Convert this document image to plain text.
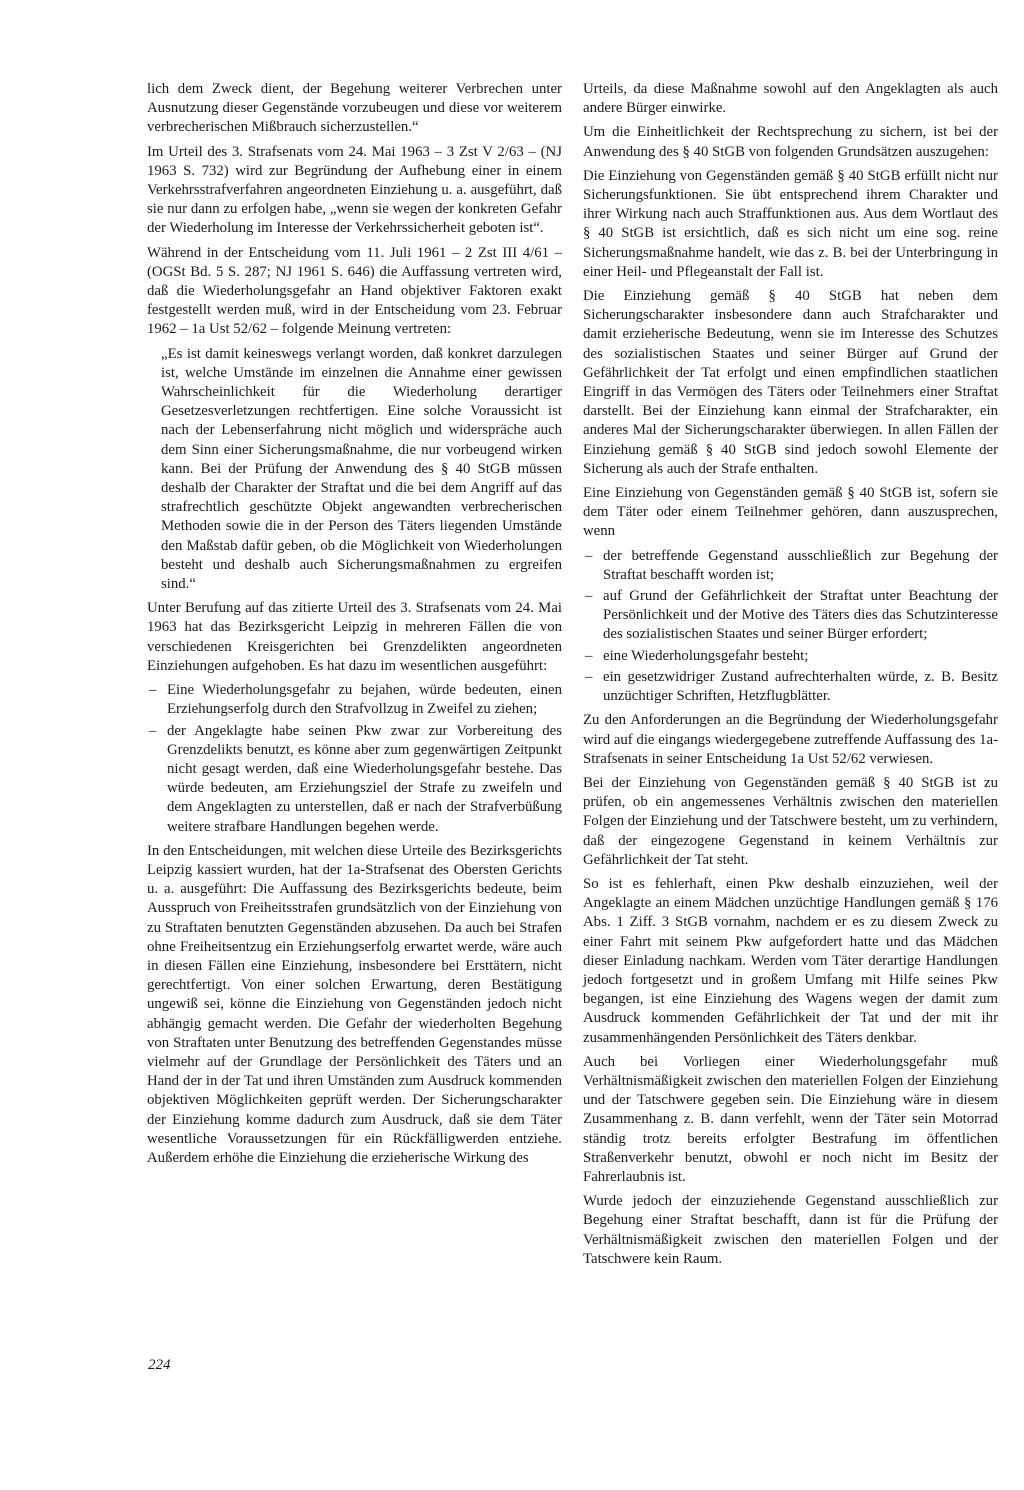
lich dem Zweck dient, der Begehung weiterer Verbrechen unter Ausnutzung dieser Gegenstände vorzubeugen und diese vor weiterem verbrecherischen Mißbrauch sicherzustellen.“

Im Urteil des 3. Strafsenats vom 24. Mai 1963 – 3 Zst V 2/63 – (NJ 1963 S. 732) wird zur Begründung der Aufhebung einer in einem Verkehrsstrafverfahren angeordneten Einziehung u. a. ausgeführt, daß sie nur dann zu erfolgen habe, „wenn sie wegen der konkreten Gefahr der Wiederholung im Interesse der Verkehrssicherheit geboten ist“.

Während in der Entscheidung vom 11. Juli 1961 – 2 Zst III 4/61 – (OGSt Bd. 5 S. 287; NJ 1961 S. 646) die Auffassung vertreten wird, daß die Wiederholungsgefahr an Hand objektiver Faktoren exakt festgestellt werden muß, wird in der Entscheidung vom 23. Februar 1962 – 1a Ust 52/62 – folgende Meinung vertreten:

„Es ist damit keineswegs verlangt worden, daß konkret darzulegen ist, welche Umstände im einzelnen die Annahme einer gewissen Wahrscheinlichkeit für die Wiederholung derartiger Gesetzesverletzungen rechtfertigen. Eine solche Voraussicht ist nach der Lebenserfahrung nicht möglich und widerspräche auch dem Sinn einer Sicherungsmaßnahme, die nur vorbeugend wirken kann. Bei der Prüfung der Anwendung des § 40 StGB müssen deshalb der Charakter der Straftat und die bei dem Angriff auf das strafrechtlich geschützte Objekt angewandten verbrecherischen Methoden sowie die in der Person des Täters liegenden Umstände den Maßstab dafür geben, ob die Möglichkeit von Wiederholungen besteht und deshalb auch Sicherungsmaßnahmen zu ergreifen sind.“

Unter Berufung auf das zitierte Urteil des 3. Strafsenats vom 24. Mai 1963 hat das Bezirksgericht Leipzig in mehreren Fällen die von verschiedenen Kreisgerichten bei Grenzdelikten angeordneten Einziehungen aufgehoben. Es hat dazu im wesentlichen ausgeführt:

– Eine Wiederholungsgefahr zu bejahen, würde bedeuten, einen Erziehungserfolg durch den Strafvollzug in Zweifel zu ziehen;
– der Angeklagte habe seinen Pkw zwar zur Vorbereitung des Grenzdelikts benutzt, es könne aber zum gegenwärtigen Zeitpunkt nicht gesagt werden, daß eine Wiederholungsgefahr bestehe. Das würde bedeuten, am Erziehungsziel der Strafe zu zweifeln und dem Angeklagten zu unterstellen, daß er nach der Strafverbüßung weitere strafbare Handlungen begehen werde.

In den Entscheidungen, mit welchen diese Urteile des Bezirksgerichts Leipzig kassiert wurden, hat der 1a-Strafsenat des Obersten Gerichts u. a. ausgeführt: Die Auffassung des Bezirksgerichts bedeute, beim Ausspruch von Freiheitsstrafen grundsätzlich von der Einziehung von zu Straftaten benutzten Gegenständen abzusehen. Da auch bei Strafen ohne Freiheitsentzug ein Erziehungserfolg erwartet werde, wäre auch in diesen Fällen eine Einziehung, insbesondere bei Ersttätern, nicht gerechtfertigt. Von einer solchen Erwartung, deren Bestätigung ungewiß sei, könne die Einziehung von Gegenständen jedoch nicht abhängig gemacht werden. Die Gefahr der wiederholten Begehung von Straftaten unter Benutzung des betreffenden Gegenstandes müsse vielmehr auf der Grundlage der Persönlichkeit des Täters und an Hand der in der Tat und ihren Umständen zum Ausdruck kommenden objektiven Möglichkeiten geprüft werden. Der Sicherungscharakter der Einziehung komme dadurch zum Ausdruck, daß sie dem Täter wesentliche Voraussetzungen für ein Rückfälligwerden entziehe. Außerdem erhöhe die Einziehung die erzieherische Wirkung des

Urteils, da diese Maßnahme sowohl auf den Angeklagten als auch andere Bürger einwirke.

Um die Einheitlichkeit der Rechtsprechung zu sichern, ist bei der Anwendung des § 40 StGB von folgenden Grundsätzen auszugehen:

Die Einziehung von Gegenständen gemäß § 40 StGB erfüllt nicht nur Sicherungsfunktionen. Sie übt entsprechend ihrem Charakter und ihrer Wirkung nach auch Straffunktionen aus. Aus dem Wortlaut des § 40 StGB ist ersichtlich, daß es sich nicht um eine sog. reine Sicherungsmaßnahme handelt, wie das z. B. bei der Unterbringung in einer Heil- und Pflegeanstalt der Fall ist.

Die Einziehung gemäß § 40 StGB hat neben dem Sicherungscharakter insbesondere dann auch Strafcharakter und damit erzieherische Bedeutung, wenn sie im Interesse des Schutzes des sozialistischen Staates und seiner Bürger auf Grund der Gefährlichkeit der Tat erfolgt und einen empfindlichen staatlichen Eingriff in das Vermögen des Täters oder Teilnehmers einer Straftat darstellt. Bei der Einziehung kann einmal der Strafcharakter, ein anderes Mal der Sicherungscharakter überwiegen. In allen Fällen der Einziehung gemäß § 40 StGB sind jedoch sowohl Elemente der Sicherung als auch der Strafe enthalten.

Eine Einziehung von Gegenständen gemäß § 40 StGB ist, sofern sie dem Täter oder einem Teilnehmer gehören, dann auszusprechen, wenn

– der betreffende Gegenstand ausschließlich zur Begehung der Straftat beschafft worden ist;
– auf Grund der Gefährlichkeit der Straftat unter Beachtung der Persönlichkeit und der Motive des Täters dies das Schutzinteresse des sozialistischen Staates und seiner Bürger erfordert;
– eine Wiederholungsgefahr besteht;
– ein gesetzwidriger Zustand aufrechterhalten würde, z. B. Besitz unzüchtiger Schriften, Hetzflugblätter.

Zu den Anforderungen an die Begründung der Wiederholungsgefahr wird auf die eingangs wiedergegebene zutreffende Auffassung des 1a-Strafsenats in seiner Entscheidung 1a Ust 52/62 verwiesen.

Bei der Einziehung von Gegenständen gemäß § 40 StGB ist zu prüfen, ob ein angemessenes Verhältnis zwischen den materiellen Folgen der Einziehung und der Tatschwere besteht, um zu verhindern, daß der eingezogene Gegenstand in keinem Verhältnis zur Gefährlichkeit der Tat steht.

So ist es fehlerhaft, einen Pkw deshalb einzuziehen, weil der Angeklagte an einem Mädchen unzüchtige Handlungen gemäß § 176 Abs. 1 Ziff. 3 StGB vornahm, nachdem er es zu diesem Zweck zu einer Fahrt mit seinem Pkw aufgefordert hatte und das Mädchen dieser Einladung nachkam. Werden vom Täter derartige Handlungen jedoch fortgesetzt und in großem Umfang mit Hilfe seines Pkw begangen, ist eine Einziehung des Wagens wegen der damit zum Ausdruck kommenden Gefährlichkeit der Tat und der mit ihr zusammenhängenden Persönlichkeit des Täters denkbar.

Auch bei Vorliegen einer Wiederholungsgefahr muß Verhältnismäßigkeit zwischen den materiellen Folgen der Einziehung und der Tatschwere gegeben sein. Die Einziehung wäre in diesem Zusammenhang z. B. dann verfehlt, wenn der Täter sein Motorrad ständig trotz bereits erfolgter Bestrafung im öffentlichen Straßenverkehr benutzt, obwohl er noch nicht im Besitz der Fahrerlaubnis ist.

Wurde jedoch der einzuziehende Gegenstand ausschließlich zur Begehung einer Straftat beschafft, dann ist für die Prüfung der Verhältnismäßigkeit zwischen den materiellen Folgen und der Tatschwere kein Raum.

224
